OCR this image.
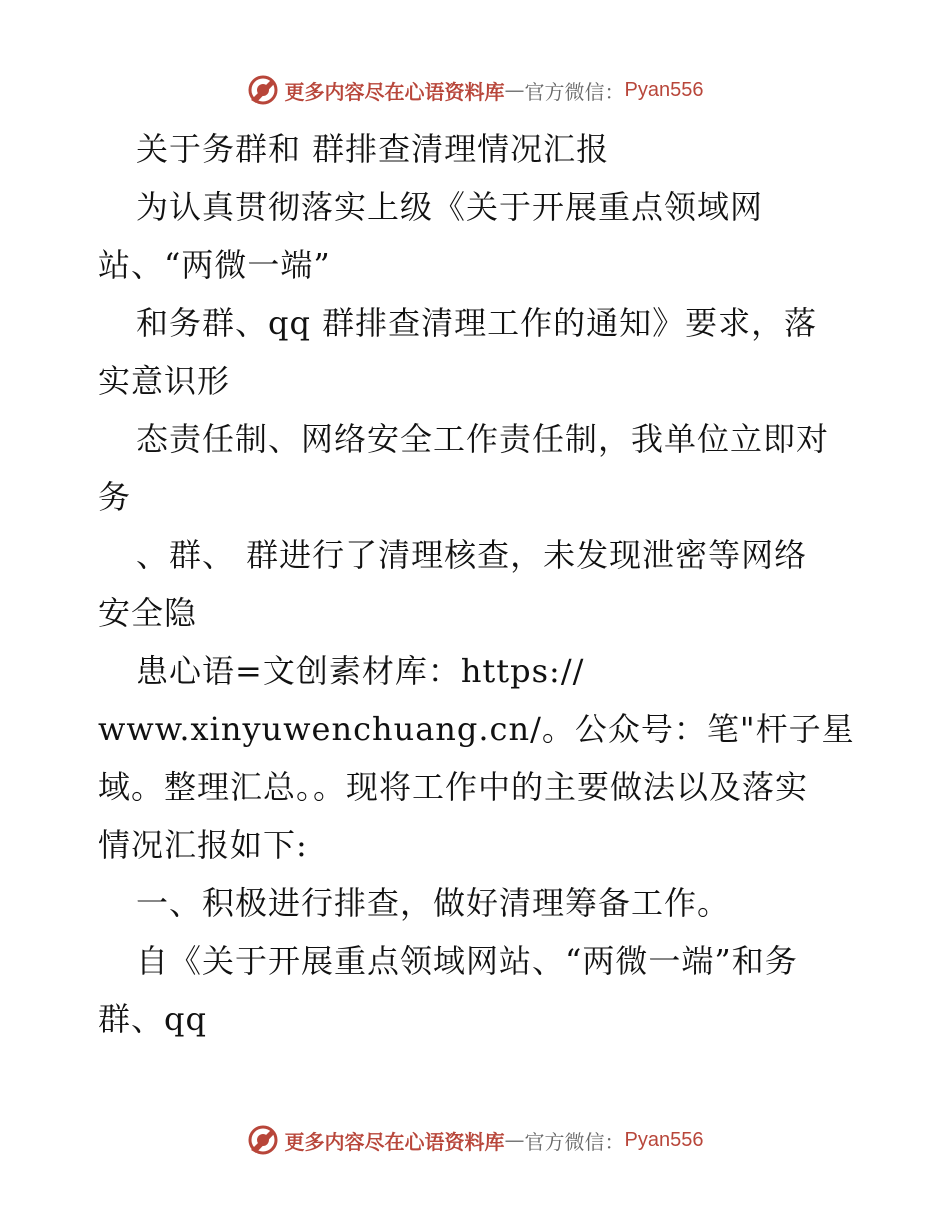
更多内容尽在心语资料库 — 官方微信： Pyan556
关于务群和 群排查清理情况汇报
为认真贯彻落实上级《关于开展重点领域网
站、“两微一端”
和务群、qq 群排查清理工作的通知》要求，落
实意识形
态责任制、网络安全工作责任制，我单位立即对
务
、群、 群进行了清理核查，未发现泄密等网络
安全隐
患心语=文创素材库：https://
www.xinyuwenchuang.cn/。公众号：笔"杆子星
域。整理汇总。。现将工作中的主要做法以及落实
情况汇报如下:
一、积极进行排查，做好清理筹备工作。
自《关于开展重点领域网站、“两微一端”和务
群、qq
更多内容尽在心语资料库 — 官方微信： Pyan556
